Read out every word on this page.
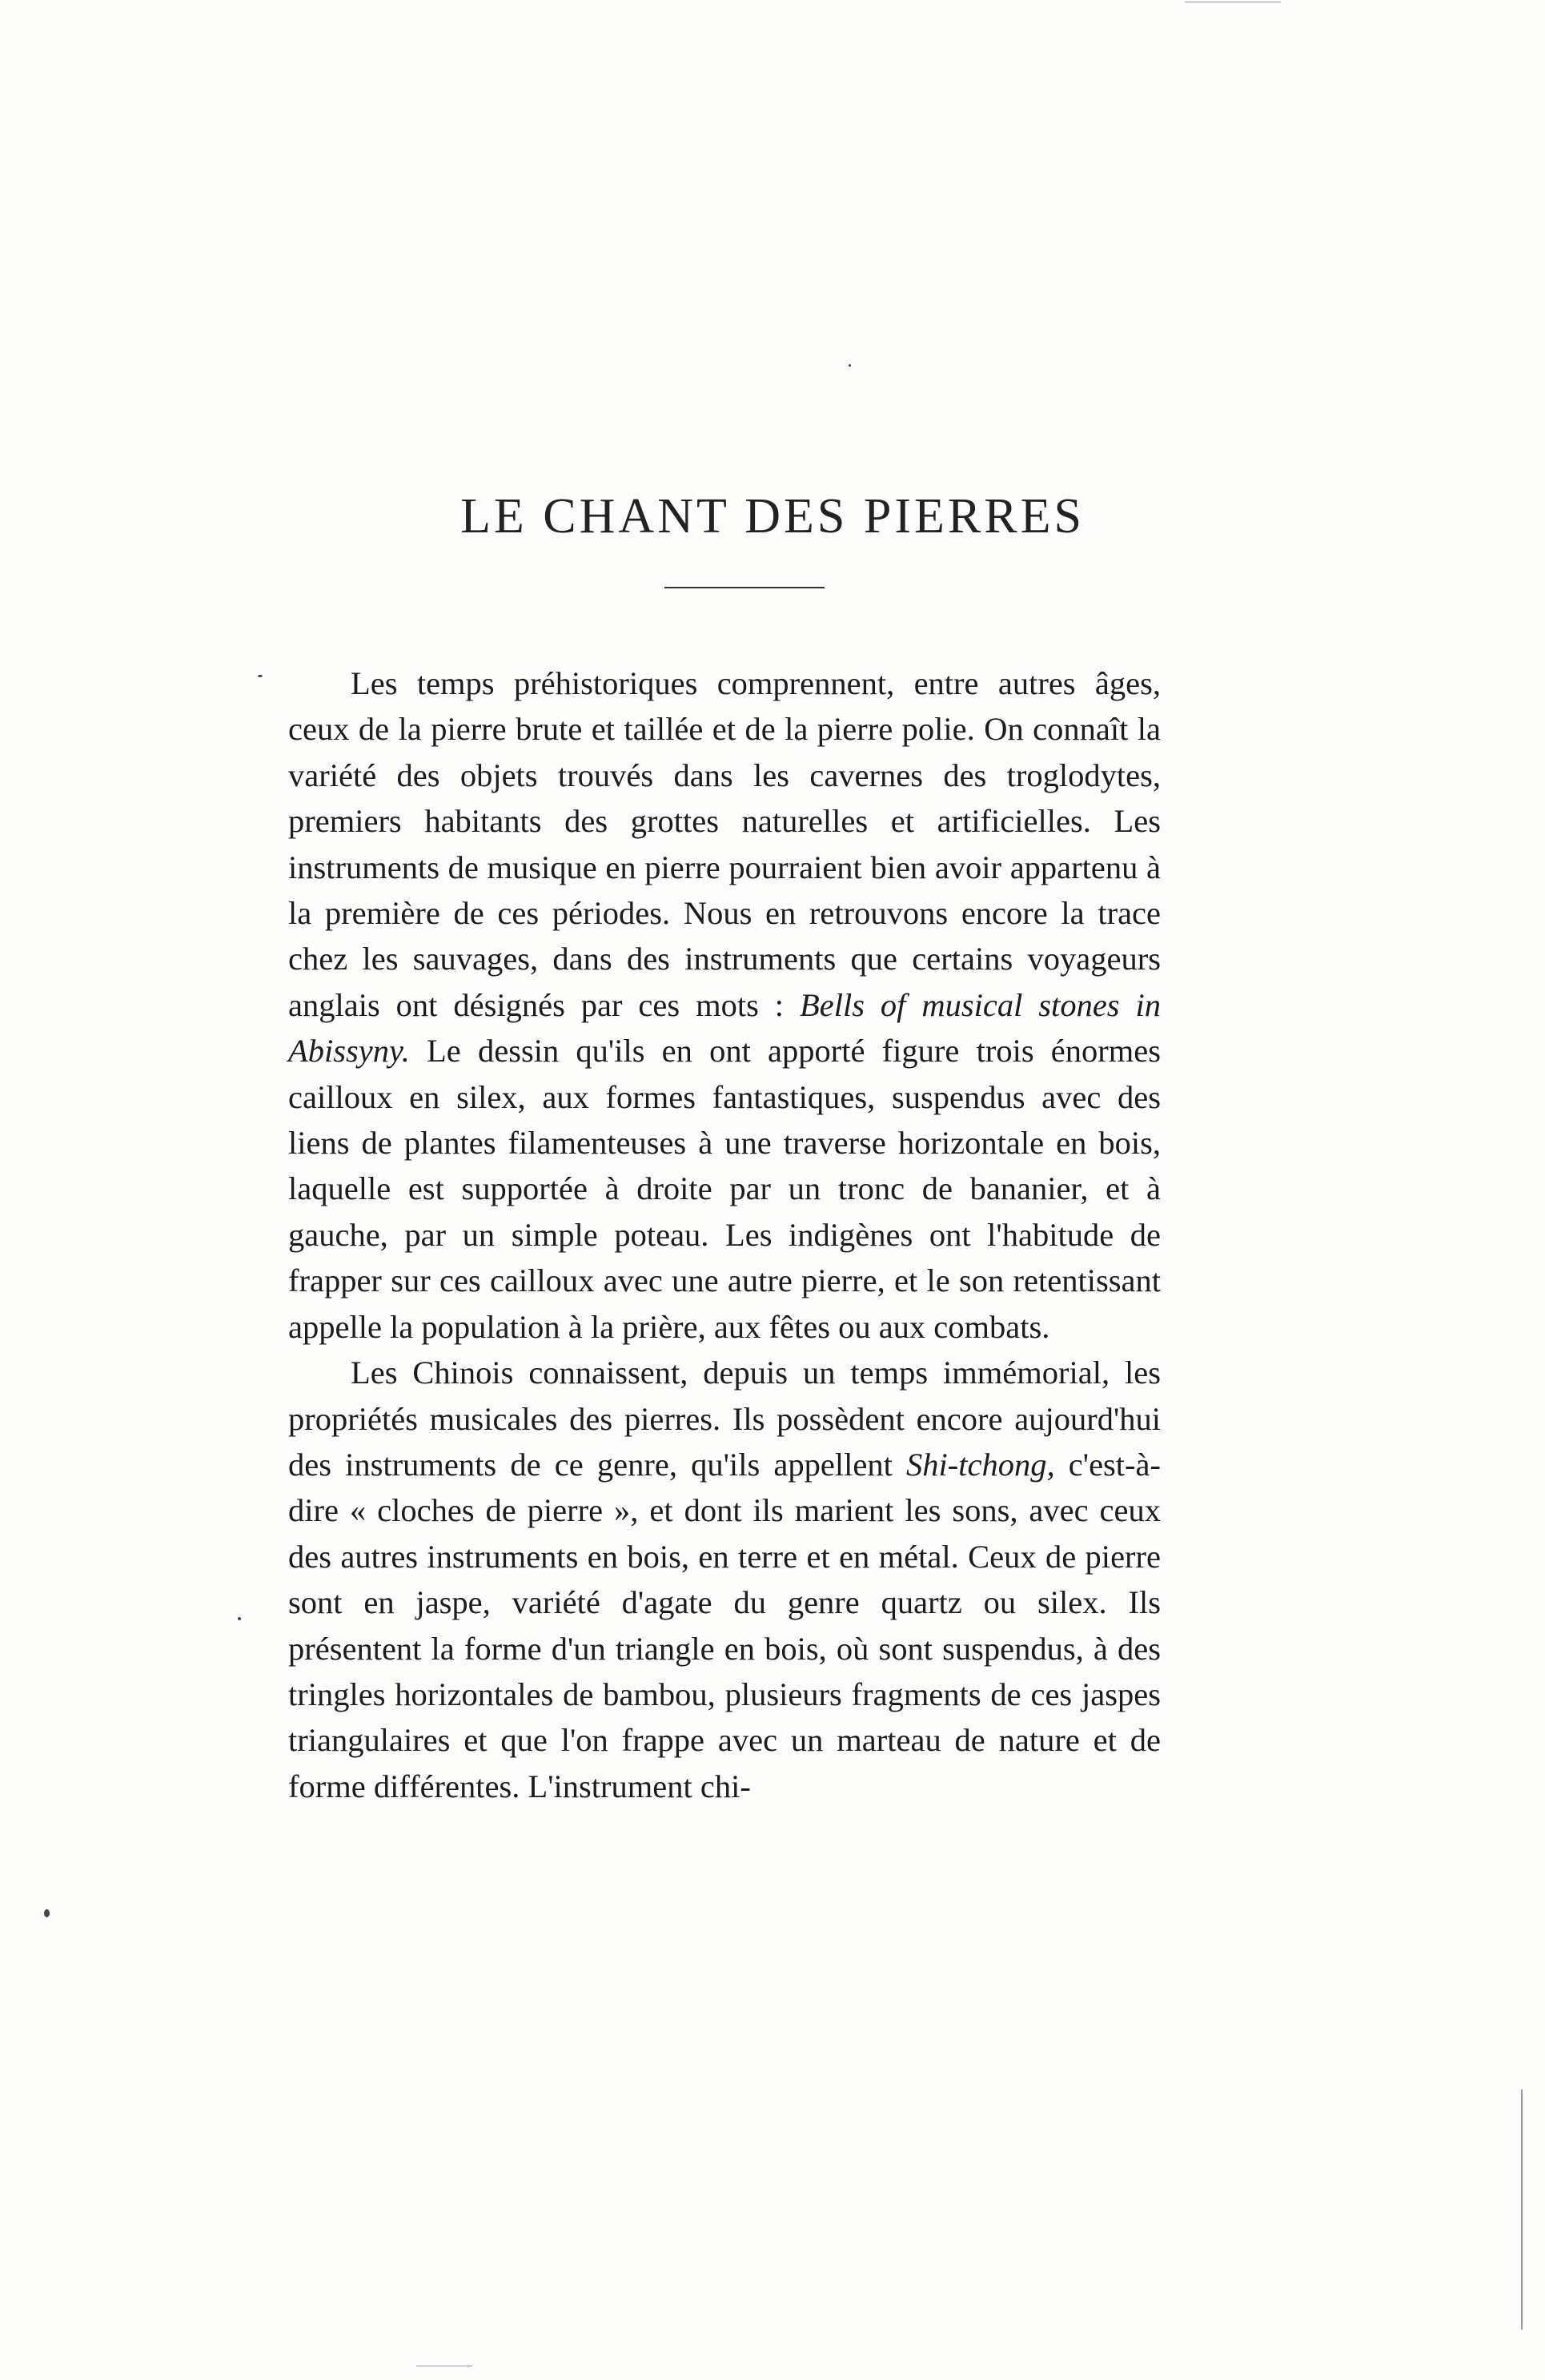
LE CHANT DES PIERRES

Les temps préhistoriques comprennent, entre autres âges, ceux de la pierre brute et taillée et de la pierre polie. On connaît la variété des objets trouvés dans les cavernes des troglodytes, premiers habitants des grottes naturelles et artificielles. Les instruments de musique en pierre pourraient bien avoir appartenu à la première de ces périodes. Nous en retrouvons encore la trace chez les sauvages, dans des instruments que certains voyageurs anglais ont désignés par ces mots : Bells of musical stones in Abissyny. Le dessin qu'ils en ont apporté figure trois énormes cailloux en silex, aux formes fantastiques, suspendus avec des liens de plantes filamenteuses à une traverse horizontale en bois, laquelle est supportée à droite par un tronc de bananier, et à gauche, par un simple poteau. Les indigènes ont l'habitude de frapper sur ces cailloux avec une autre pierre, et le son retentissant appelle la population à la prière, aux fêtes ou aux combats.

Les Chinois connaissent, depuis un temps immémorial, les propriétés musicales des pierres. Ils possèdent encore aujourd'hui des instruments de ce genre, qu'ils appellent Shi-tchong, c'est-à-dire « cloches de pierre », et dont ils marient les sons, avec ceux des autres instruments en bois, en terre et en métal. Ceux de pierre sont en jaspe, variété d'agate du genre quartz ou silex. Ils présentent la forme d'un triangle en bois, où sont suspendus, à des tringles horizontales de bambou, plusieurs fragments de ces jaspes triangulaires et que l'on frappe avec un marteau de nature et de forme différentes. L'instrument chi-
